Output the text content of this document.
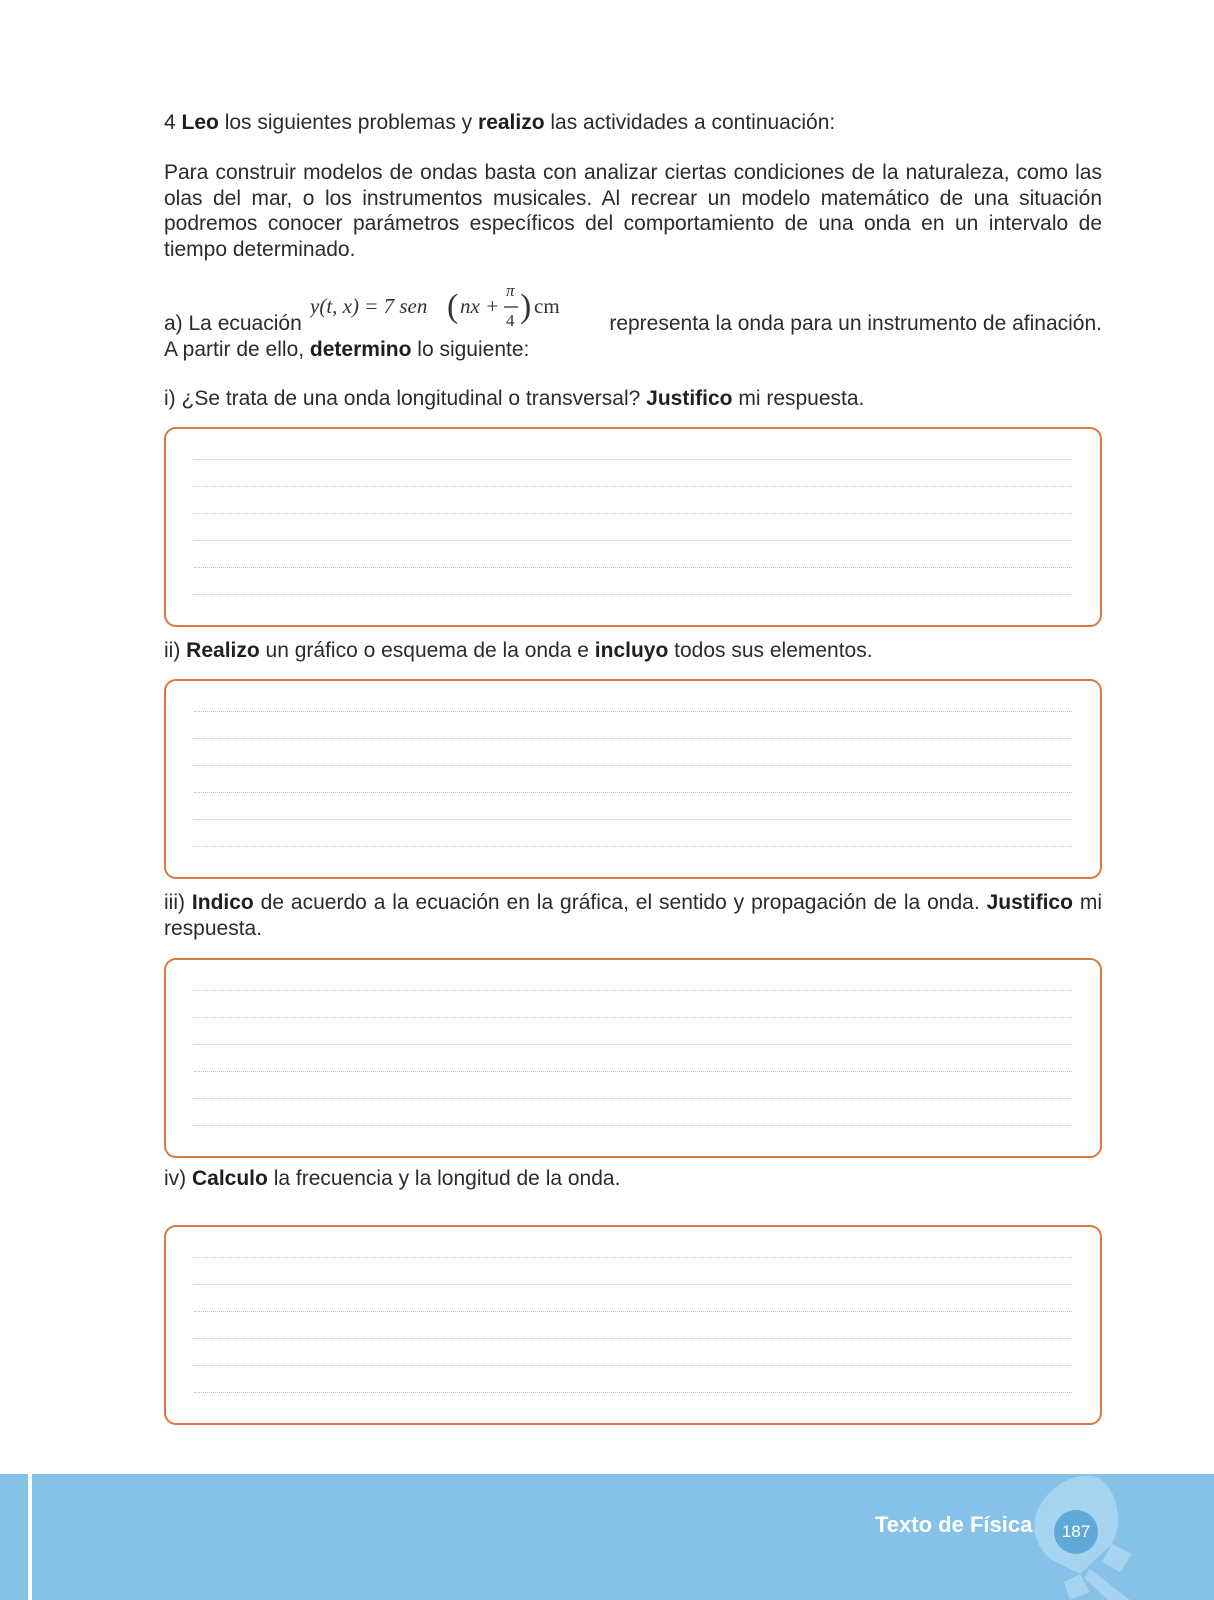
4 Leo los siguientes problemas y realizo las actividades a continuación:

Para construir modelos de ondas basta con analizar ciertas condiciones de la naturaleza, como las olas del mar, o los instrumentos musicales. Al recrear un modelo matemático de una situación podremos conocer parámetros específicos del comportamiento de una onda en un intervalo de tiempo determinado.

a) La ecuación
y(t, x) = 7 sen ( nx +
π
4 ) cm
representa la onda para un instrumento de afinación.

A partir de ello, determino lo siguiente:

i) ¿Se trata de una onda longitudinal o transversal? Justifico mi respuesta.

ii) Realizo un gráfico o esquema de la onda e incluyo todos sus elementos.

iii) Indico de acuerdo a la ecuación en la gráfica, el sentido y propagación de la onda. Justifico mi respuesta.

iv) Calculo la frecuencia y la longitud de la onda.

Texto de Física	187
